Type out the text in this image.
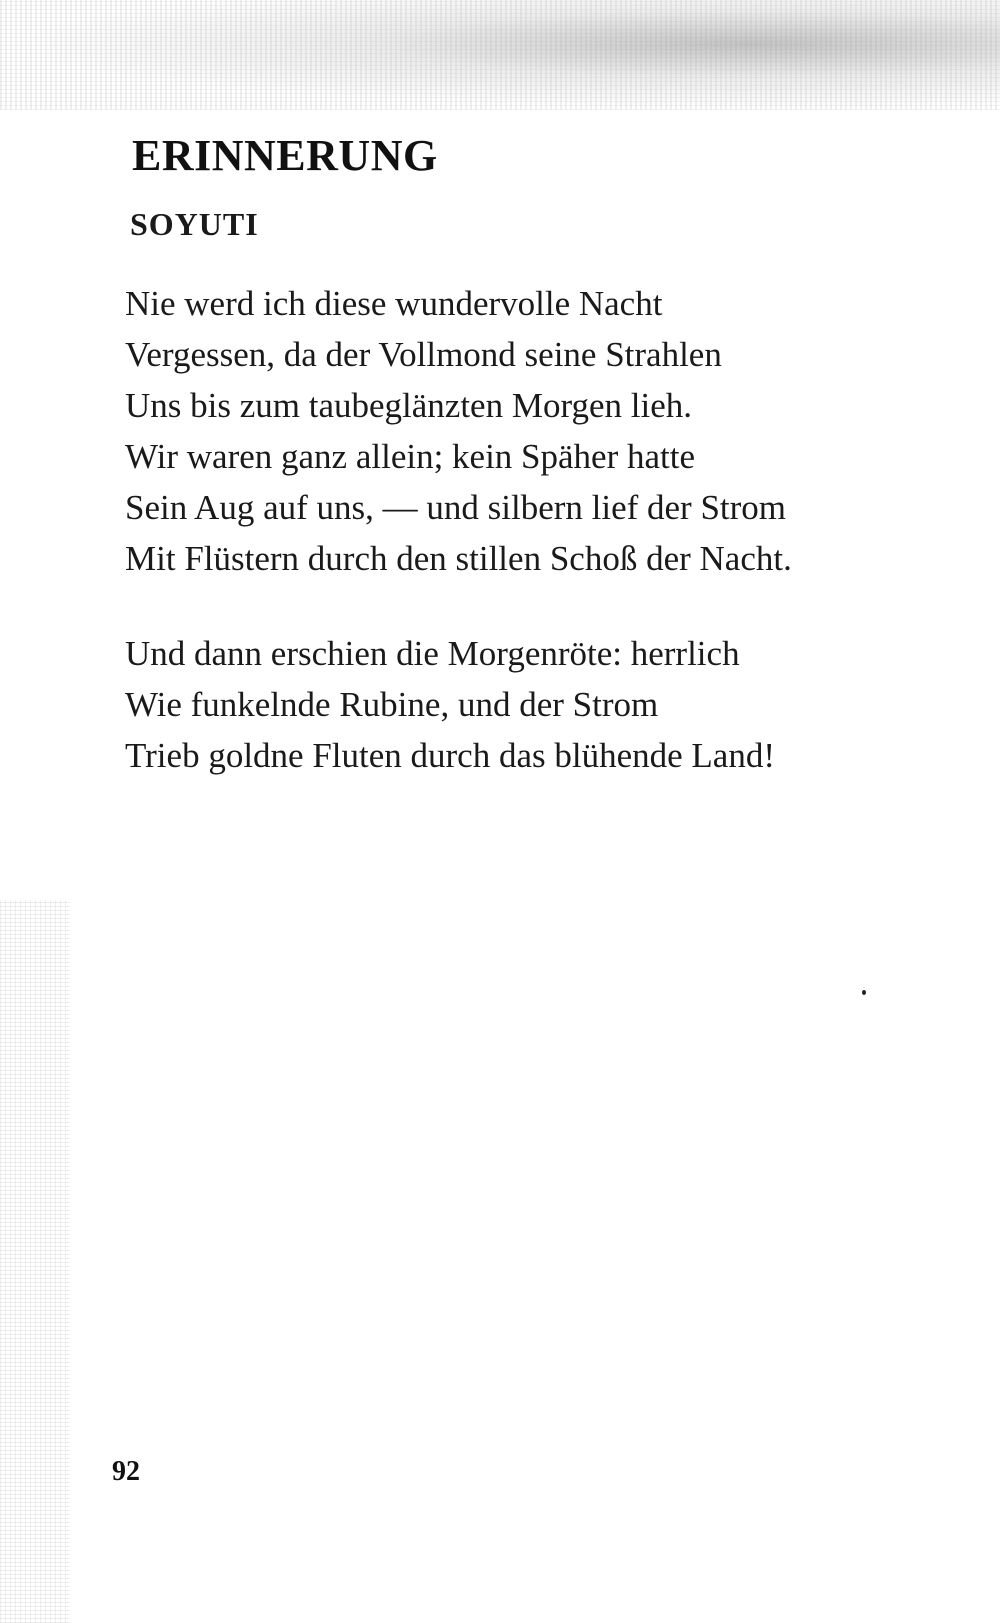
ERINNERUNG
SOYUTI
Nie werd ich diese wundervolle Nacht
Vergessen, da der Vollmond seine Strahlen
Uns bis zum taubeglänzten Morgen lieh.
Wir waren ganz allein; kein Späher hatte
Sein Aug auf uns, — und silbern lief der Strom
Mit Flüstern durch den stillen Schoß der Nacht.
Und dann erschien die Morgenröte: herrlich
Wie funkelnde Rubine, und der Strom
Trieb goldne Fluten durch das blühende Land!
92
